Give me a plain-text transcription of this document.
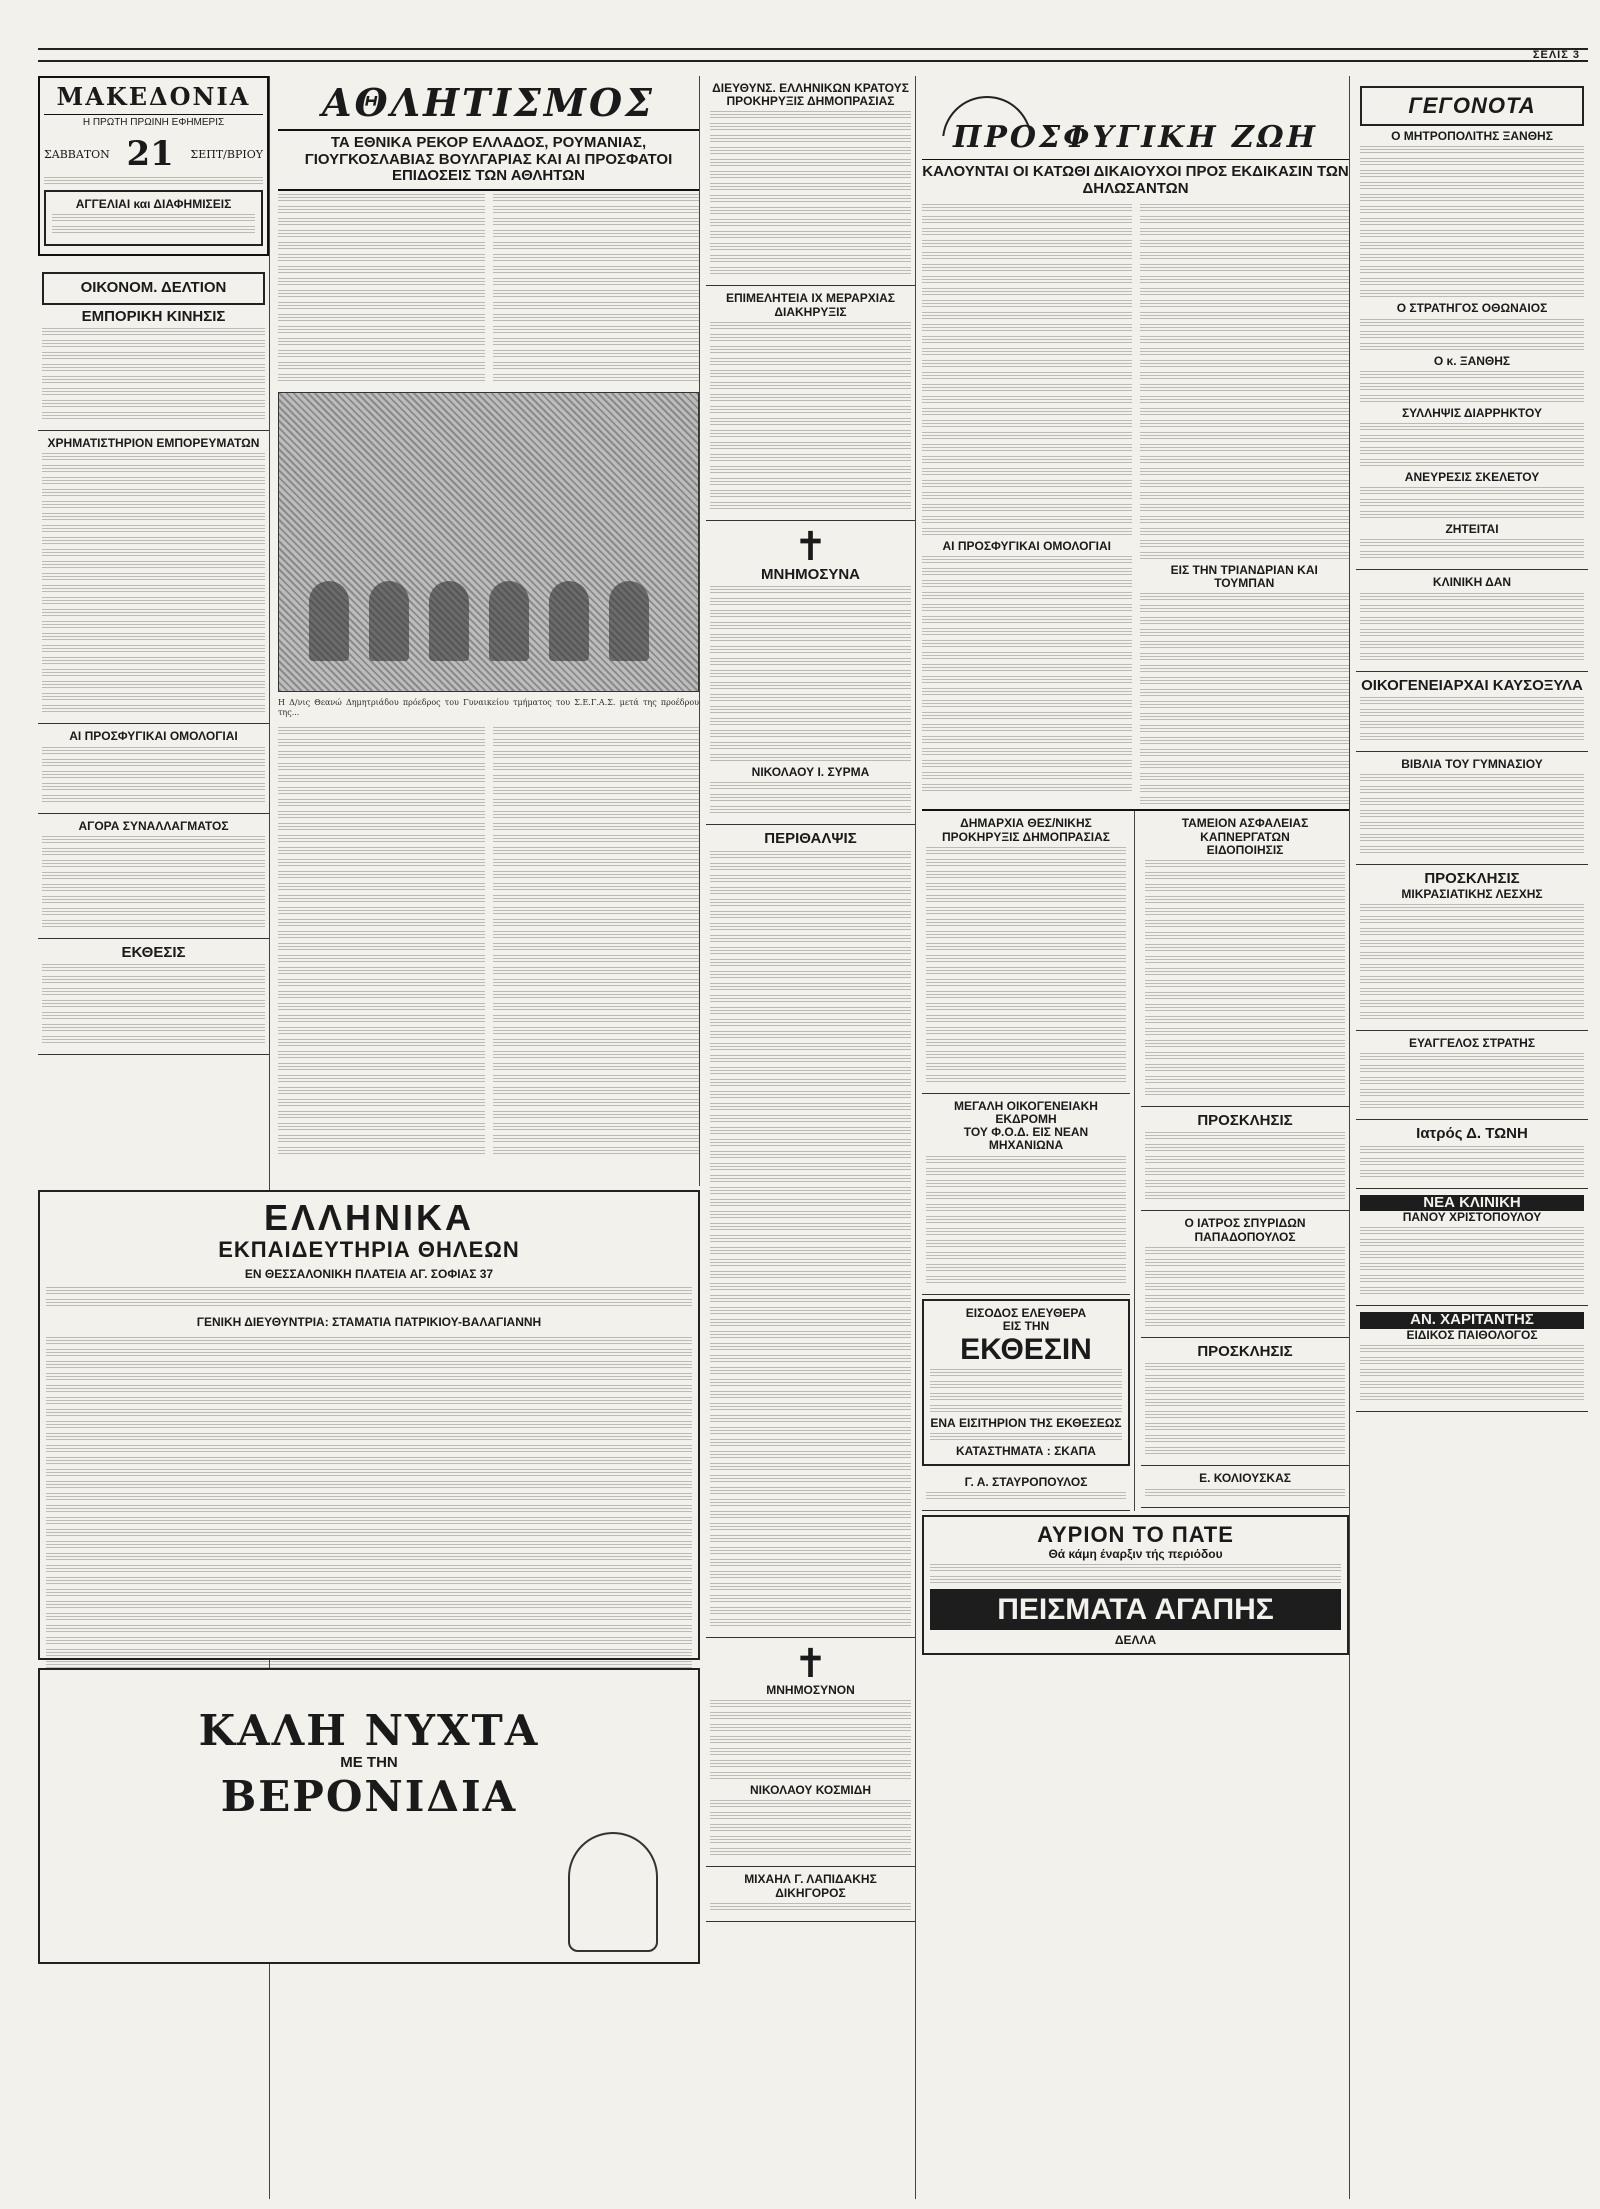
ΣΕΛΙΣ 3
ΜΑΚΕΔΟΝΙΑ
Η ΠΡΩΤΗ ΠΡΩΙΝΗ ΕΦΗΜΕΡΙΣ
ΣΑΒΒΑΤΟΝ 21 ΣΕΠΤ/ΒΡΙΟΥ
ΑΓΓΕΛΙΑΙ και ΔΙΑΦΗΜΙΣΕΙΣ
ΟΙΚΟΝΟΜ. ΔΕΛΤΙΟΝ
ΕΜΠΟΡΙΚΗ ΚΙΝΗΣΙΣ
ΧΡΗΜΑΤΙΣΤΗΡΙΟΝ ΕΜΠΟΡΕΥΜΑΤΩΝ
ΑΙ ΠΡΟΣΦΥΓΙΚΑΙ ΟΜΟΛΟΓΙΑΙ
ΑΓΟΡΑ ΣΥΝΑΛΛΑΓΜΑΤΟΣ
ΕΚΘΕΣΙΣ
ΑΘΛΗΤΙΣΜΟΣ
ΤΑ ΕΘΝΙΚΑ ΡΕΚΟΡ ΕΛΛΑΔΟΣ, ΡΟΥΜΑΝΙΑΣ, ΓΙΟΥΓΚΟΣΛΑΒΙΑΣ ΒΟΥΛΓΑΡΙΑΣ ΚΑΙ ΑΙ ΠΡΟΣΦΑΤΟΙ ΕΠΙΔΟΣΕΙΣ ΤΩΝ ΑΘΛΗΤΩΝ
Η Δ/νις Θεανώ Δημητριάδου πρόεδρος του Γυναικείου τμήματος του Σ.Ε.Γ.Α.Σ. μετά της προέδρου της...
ΕΛΛΗΝΙΚΑ
ΕΚΠΑΙΔΕΥΤΗΡΙΑ ΘΗΛΕΩΝ
ΕΝ ΘΕΣΣΑΛΟΝΙΚΗ ΠΛΑΤΕΙΑ ΑΓ. ΣΟΦΙΑΣ 37
ΓΕΝΙΚΗ ΔΙΕΥΘΥΝΤΡΙΑ: ΣΤΑΜΑΤΙΑ ΠΑΤΡΙΚΙΟΥ-ΒΑΛΑΓΙΑΝΝΗ
ΚΑΛΗ ΝΥΧΤΑ
ΜΕ ΤΗΝ
ΒΕΡΟΝΙΔΙΑ
ΔΙΕΥΘΥΝΣ. ΕΛΛΗΝΙΚΩΝ ΚΡΑΤΟΥΣ
ΠΡΟΚΗΡΥΞΙΣ ΔΗΜΟΠΡΑΣΙΑΣ
ΕΠΙΜΕΛΗΤΕΙΑ ΙΧ ΜΕΡΑΡΧΙΑΣ
ΔΙΑΚΗΡΥΞΙΣ
✝
ΜΝΗΜΟΣΥΝΑ
ΝΙΚΟΛΑΟΥ Ι. ΣΥΡΜΑ
ΠΕΡΙΘΑΛΨΙΣ
✝
ΜΝΗΜΟΣΥΝΟΝ
ΝΙΚΟΛΑΟΥ ΚΟΣΜΙΔΗ
ΜΙΧΑΗΛ Γ. ΛΑΠΙΔΑΚΗΣ
ΔΙΚΗΓΟΡΟΣ
ΠΡΟΣΦΥΓΙΚΗ ΖΩΗ
ΚΑΛΟΥΝΤΑΙ ΟΙ ΚΑΤΩΘΙ ΔΙΚΑΙΟΥΧΟΙ ΠΡΟΣ ΕΚΔΙΚΑΣΙΝ ΤΩΝ ΔΗΛΩΣΑΝΤΩΝ
ΑΙ ΠΡΟΣΦΥΓΙΚΑΙ ΟΜΟΛΟΓΙΑΙ
ΕΙΣ ΤΗΝ ΤΡΙΑΝΔΡΙΑΝ ΚΑΙ ΤΟΥΜΠΑΝ
ΔΗΜΑΡΧΙΑ ΘΕΣ/ΝΙΚΗΣ
ΠΡΟΚΗΡΥΞΙΣ ΔΗΜΟΠΡΑΣΙΑΣ
ΜΕΓΑΛΗ ΟΙΚΟΓΕΝΕΙΑΚΗ ΕΚΔΡΟΜΗ
ΤΟΥ Φ.Ο.Δ. ΕΙΣ ΝΕΑΝ ΜΗΧΑΝΙΩΝΑ
ΕΙΣΟΔΟΣ ΕΛΕΥΘΕΡΑ
ΕΙΣ ΤΗΝ
ΕΚΘΕΣΙΝ
ΕΝΑ ΕΙΣΙΤΗΡΙΟΝ ΤΗΣ ΕΚΘΕΣΕΩΣ
ΚΑΤΑΣΤΗΜΑΤΑ : ΣΚΑΠΑ
Γ. Α. ΣΤΑΥΡΟΠΟΥΛΟΣ
ΤΑΜΕΙΟΝ ΑΣΦΑΛΕΙΑΣ ΚΑΠΝΕΡΓΑΤΩΝ
ΕΙΔΟΠΟΙΗΣΙΣ
ΠΡΟΣΚΛΗΣΙΣ
Ο ΙΑΤΡΟΣ ΣΠΥΡΙΔΩΝ ΠΑΠΑΔΟΠΟΥΛΟΣ
ΠΡΟΣΚΛΗΣΙΣ
Ε. ΚΟΛΙΟΥΣΚΑΣ
ΑΥΡΙΟΝ ΤΟ ΠΑΤΕ
Θά κάμη έναρξιν τής περιόδου
ΠΕΙΣΜΑΤΑ ΑΓΑΠΗΣ
ΔΕΛΛΑ
ΓΕΓΟΝΟΤΑ
Ο ΜΗΤΡΟΠΟΛΙΤΗΣ ΞΑΝΘΗΣ
Ο ΣΤΡΑΤΗΓΟΣ ΟΘΩΝΑΙΟΣ
Ο κ. ΞΑΝΘΗΣ
ΣΥΛΛΗΨΙΣ ΔΙΑΡΡΗΚΤΟΥ
ΑΝΕΥΡΕΣΙΣ ΣΚΕΛΕΤΟΥ
ΖΗΤΕΙΤΑΙ
ΚΛΙΝΙΚΗ ΔΑΝ
ΟΙΚΟΓΕΝΕΙΑΡΧΑΙ ΚΑΥΣΟΞΥΛΑ
ΒΙΒΛΙΑ ΤΟΥ ΓΥΜΝΑΣΙΟΥ
ΠΡΟΣΚΛΗΣΙΣ
ΜΙΚΡΑΣΙΑΤΙΚΗΣ ΛΕΣΧΗΣ
ΕΥΑΓΓΕΛΟΣ ΣΤΡΑΤΗΣ
Ιατρός Δ. ΤΩΝΗ
ΝΕΑ ΚΛΙΝΙΚΗ
ΠΑΝΟΥ ΧΡΙΣΤΟΠΟΥΛΟΥ
ΑΝ. ΧΑΡΙΤΑΝΤΗΣ
ΕΙΔΙΚΟΣ ΠΑΙΘΟΛΟΓΟΣ
